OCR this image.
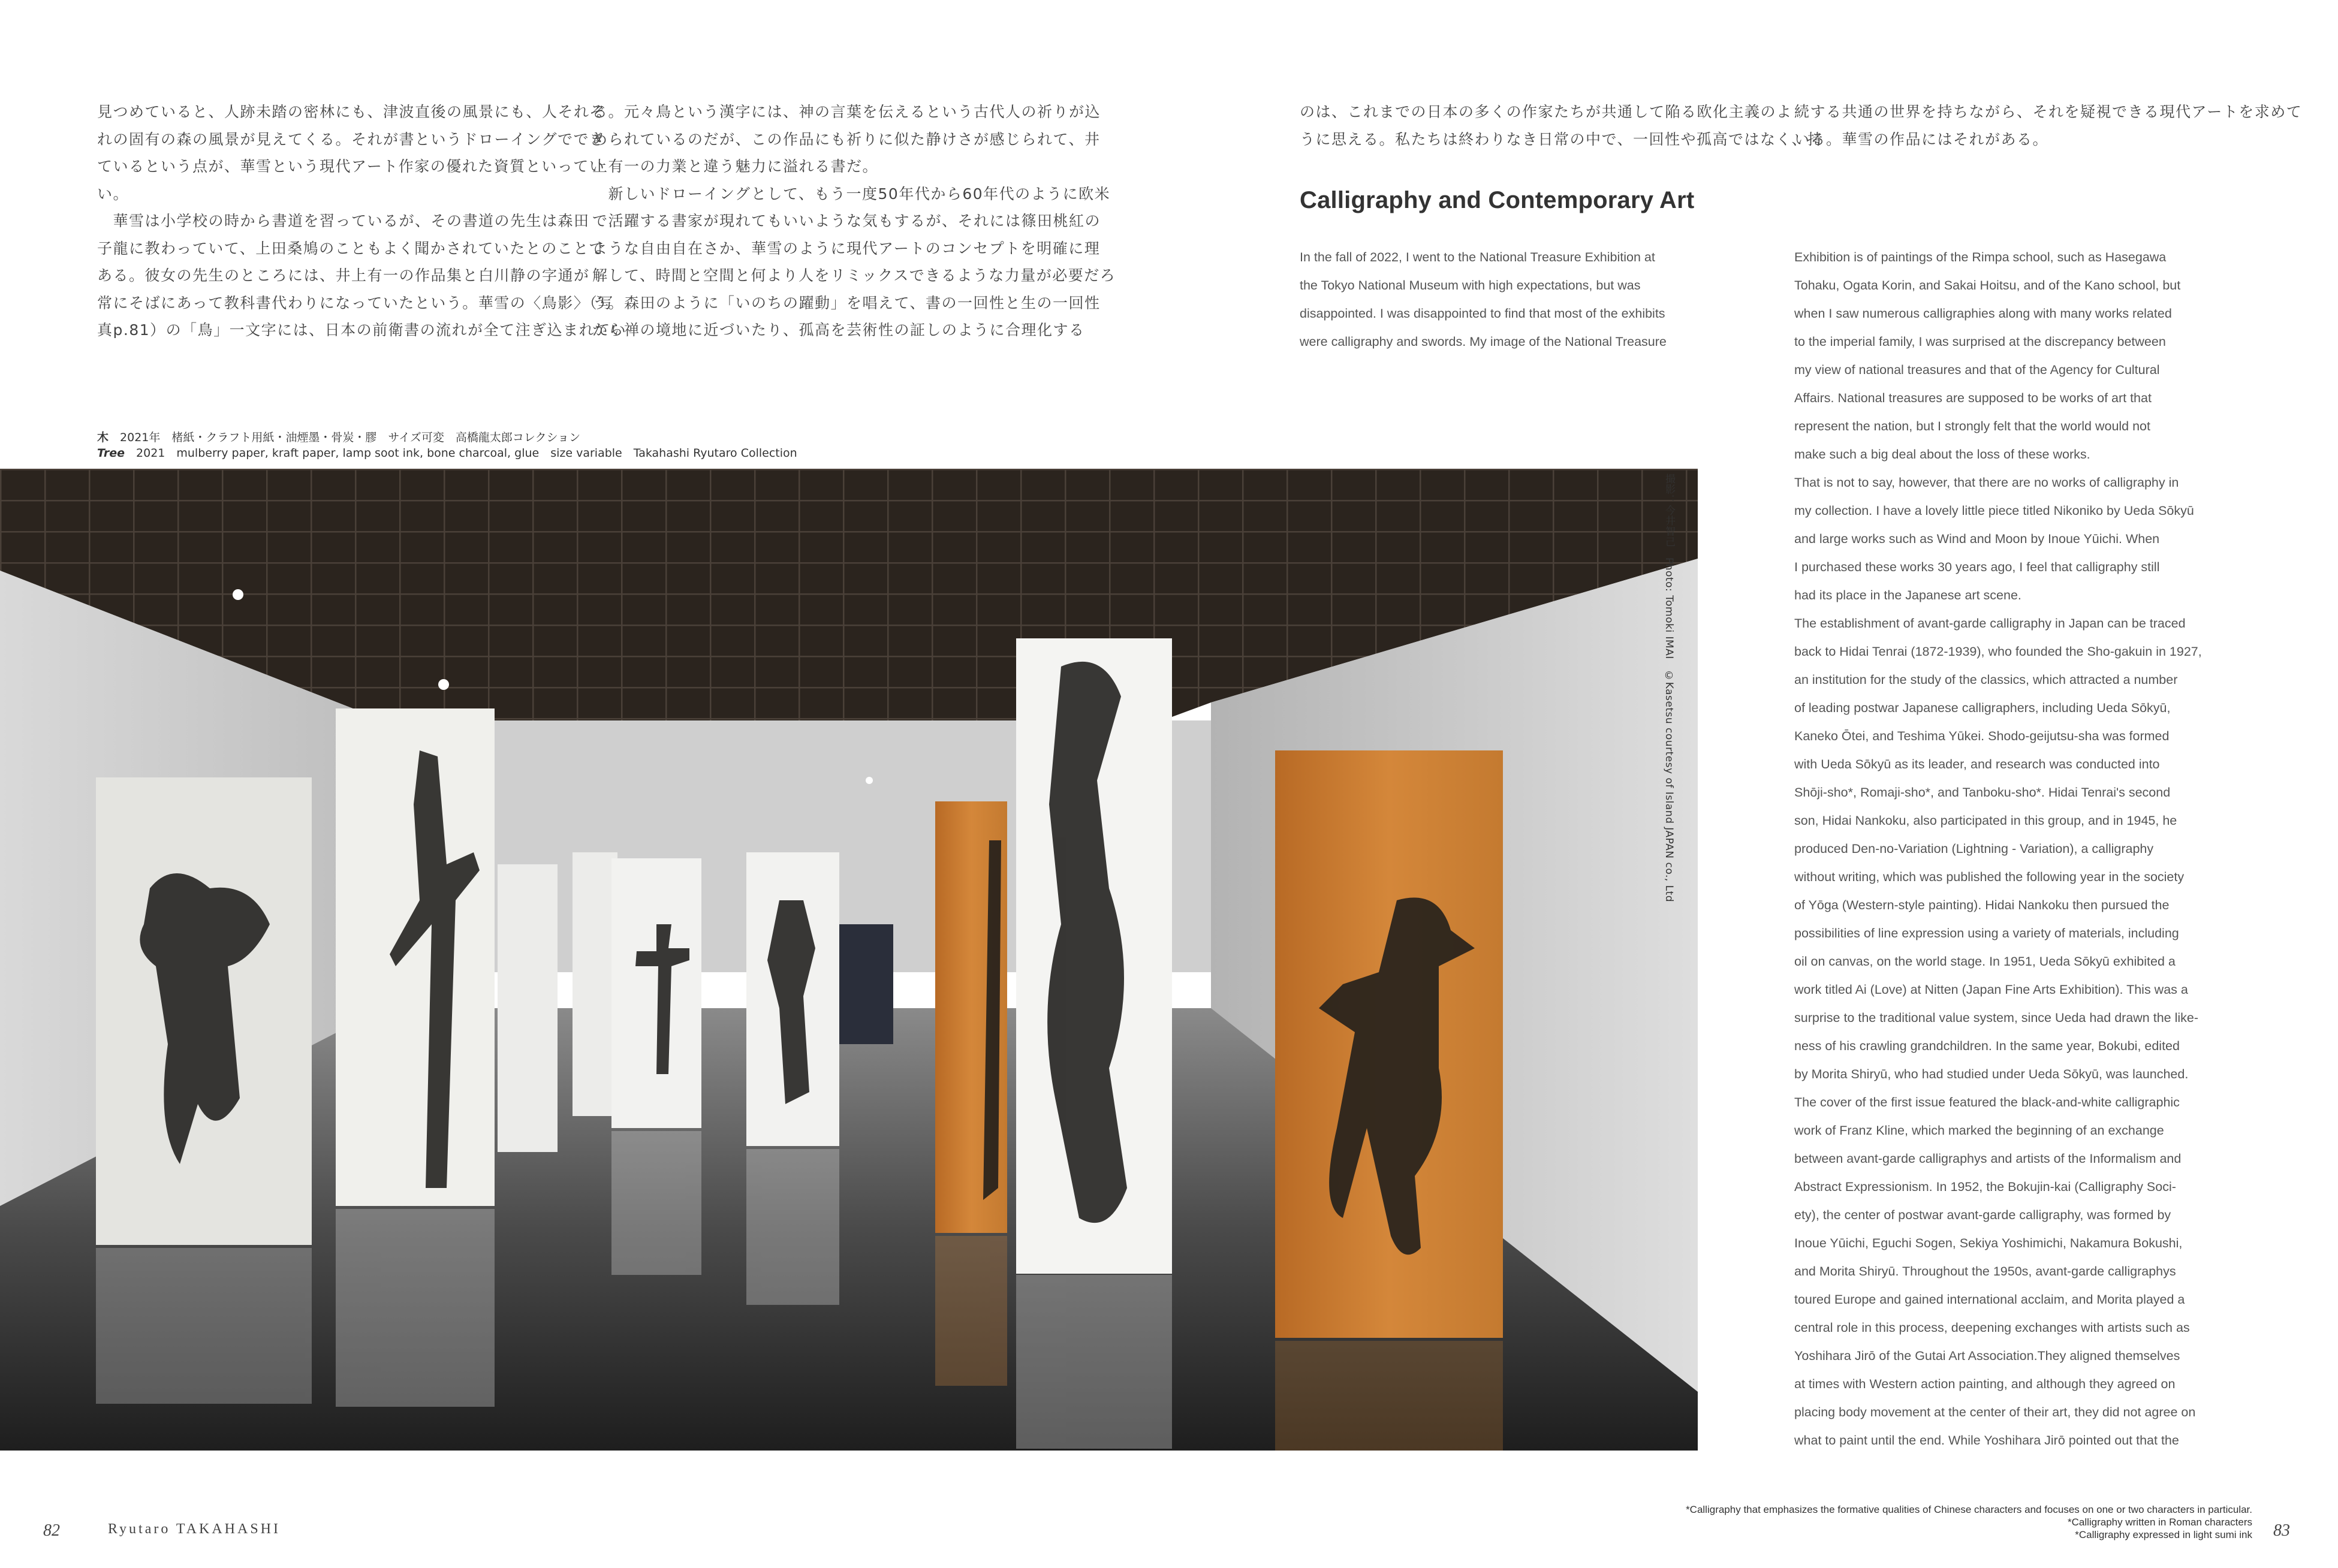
見つめていると、人跡未踏の密林にも、津波直後の風景にも、人それぞ
れの固有の森の風景が見えてくる。それが書というドローイングででき
ているという点が、華雪という現代アート作家の優れた資質といってい
い。
　華雪は小学校の時から書道を習っているが、その書道の先生は森田
子龍に教わっていて、上田桑鳩のこともよく聞かされていたとのことで
ある。彼女の先生のところには、井上有一の作品集と白川静の字通が
常にそばにあって教科書代わりになっていたという。華雪の〈鳥影〉（写
真p.81）の「鳥」一文字には、日本の前衛書の流れが全て注ぎ込まれてい
る。元々鳥という漢字には、神の言葉を伝えるという古代人の祈りが込
められているのだが、この作品にも祈りに似た静けさが感じられて、井
上有一の力業と違う魅力に溢れる書だ。
　新しいドローイングとして、もう一度50年代から60年代のように欧米
で活躍する書家が現れてもいいような気もするが、それには篠田桃紅の
ような自由自在さか、華雪のように現代アートのコンセプトを明確に理
解して、時間と空間と何より人をリミックスできるような力量が必要だろ
う。森田のように「いのちの躍動」を唱えて、書の一回性と生の一回性
から禅の境地に近づいたり、孤高を芸術性の証しのように合理化する
のは、これまでの日本の多くの作家たちが共通して陥る欧化主義のよ
うに思える。私たちは終わりなき日常の中で、一回性や孤高ではなく、持
続する共通の世界を持ちながら、それを疑視できる現代アートを求めて
いる。華雪の作品にはそれがある。
Calligraphy and Contemporary Art
In the fall of 2022, I went to the National Treasure Exhibition at
the Tokyo National Museum with high expectations, but was
disappointed. I was disappointed to find that most of the exhibits
were calligraphy and swords. My image of the National Treasure
Exhibition is of paintings of the Rimpa school, such as Hasegawa
Tohaku, Ogata Korin, and Sakai Hoitsu, and of the Kano school, but
when I saw numerous calligraphies along with many works related
to the imperial family, I was surprised at the discrepancy between
my view of national treasures and that of the Agency for Cultural
Affairs. National treasures are supposed to be works of art that
represent the nation, but I strongly felt that the world would not
make such a big deal about the loss of these works.
That is not to say, however, that there are no works of calligraphy in
my collection. I have a lovely little piece titled Nikoniko by Ueda Sōkyū
and large works such as Wind and Moon by Inoue Yūichi. When
I purchased these works 30 years ago, I feel that calligraphy still
had its place in the Japanese art scene.
The establishment of avant-garde calligraphy in Japan can be traced
back to Hidai Tenrai (1872-1939), who founded the Sho-gakuin in 1927,
an institution for the study of the classics, which attracted a number
of leading postwar Japanese calligraphers, including Ueda Sōkyū,
Kaneko Ōtei, and Teshima Yūkei. Shodo-geijutsu-sha was formed
with Ueda Sōkyū as its leader, and research was conducted into
Shōji-sho*, Romaji-sho*, and Tanboku-sho*. Hidai Tenrai's second
son, Hidai Nankoku, also participated in this group, and in 1945, he
produced Den-no-Variation (Lightning - Variation), a calligraphy
without writing, which was published the following year in the society
of Yōga (Western-style painting). Hidai Nankoku then pursued the
possibilities of line expression using a variety of materials, including
oil on canvas, on the world stage. In 1951, Ueda Sōkyū exhibited a
work titled Ai (Love) at Nitten (Japan Fine Arts Exhibition). This was a
surprise to the traditional value system, since Ueda had drawn the like-
ness of his crawling grandchildren. In the same year, Bokubi, edited
by Morita Shiryū, who had studied under Ueda Sōkyū, was launched.
The cover of the first issue featured the black-and-white calligraphic
work of Franz Kline, which marked the beginning of an exchange
between avant-garde calligraphys and artists of the Informalism and
Abstract Expressionism. In 1952, the Bokujin-kai (Calligraphy Soci-
ety), the center of postwar avant-garde calligraphy, was formed by
Inoue Yūichi, Eguchi Sogen, Sekiya Yoshimichi, Nakamura Bokushi,
and Morita Shiryū. Throughout the 1950s, avant-garde calligraphys
toured Europe and gained international acclaim, and Morita played a
central role in this process, deepening exchanges with artists such as
Yoshihara Jirō of the Gutai Art Association.They aligned themselves
at times with Western action painting, and although they agreed on
placing body movement at the center of their art, they did not agree on
what to paint until the end. While Yoshihara Jirō pointed out that the
木　2021年　楮紙・クラフト用紙・油煙墨・骨炭・膠　サイズ可変　高橋龍太郎コレクション
Tree　2021　mulberry paper, kraft paper, lamp soot ink, bone charcoal, glue　size variable　Takahashi Ryutaro Collection
撮影：今井智己　Photo: Tomoki IMAI　©Kasetsu courtesy of Island JAPAN co., Ltd
*Calligraphy that emphasizes the formative qualities of Chinese characters and focuses on one or two characters in particular.
*Calligraphy written in Roman characters
*Calligraphy expressed in light sumi ink
82	Ryutaro TAKAHASHI	83
